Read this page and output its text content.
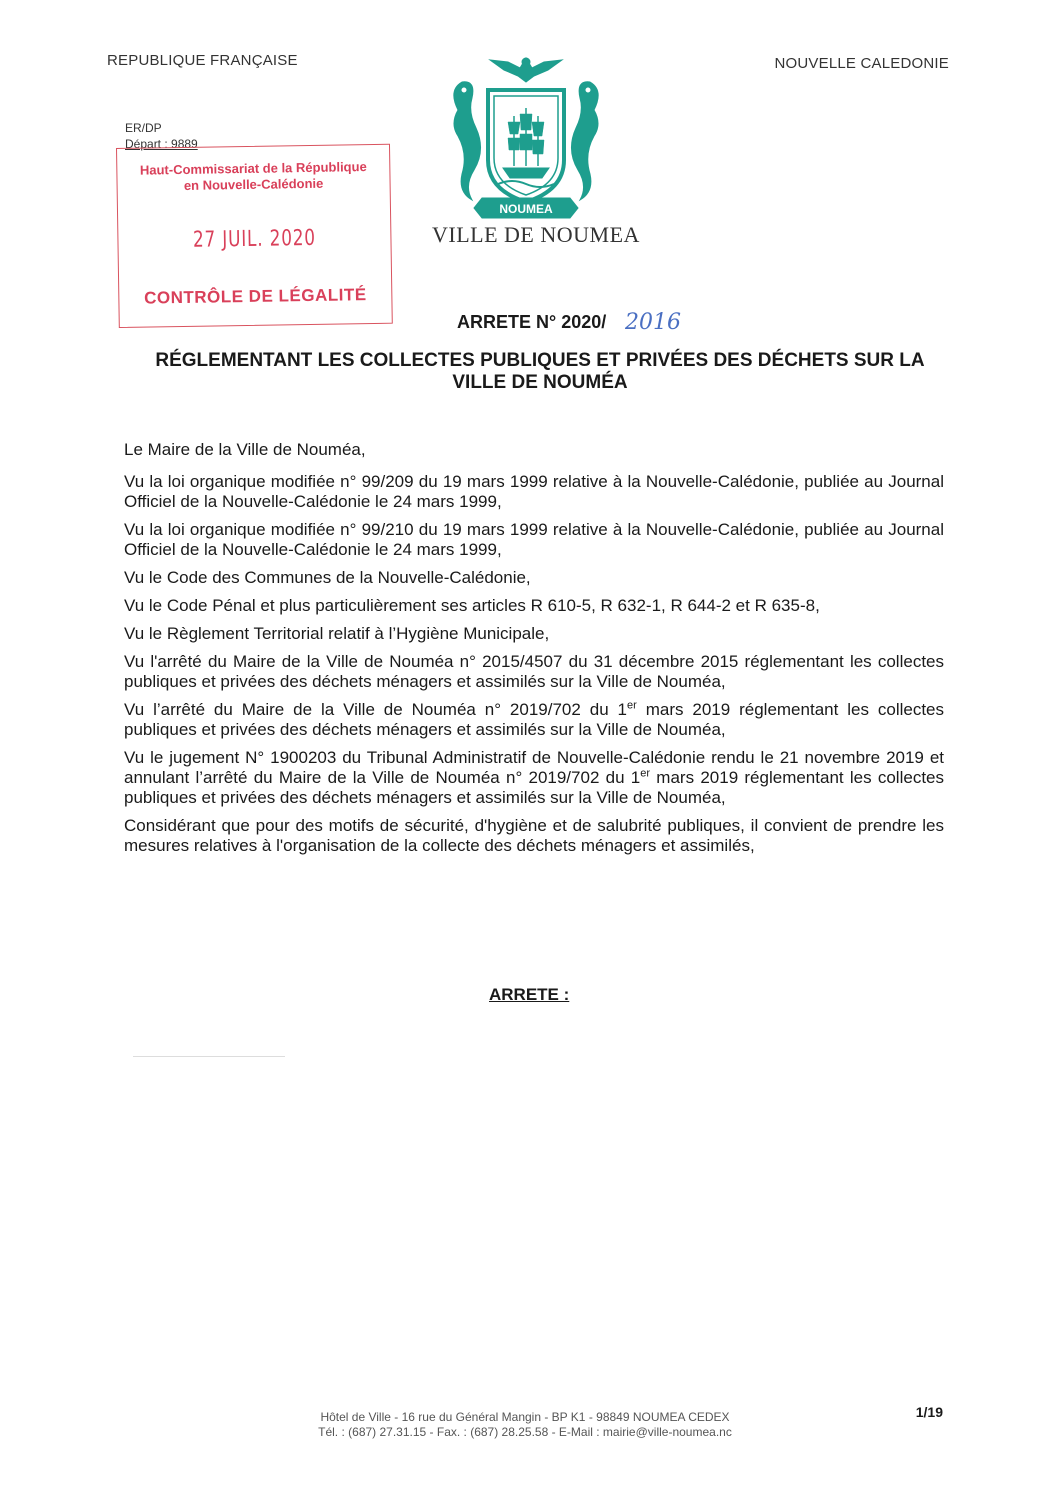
REPUBLIQUE FRANÇAISE	NOUVELLE CALEDONIE
ER/DP
Départ : 9889
Haut-Commissariat de la République
en Nouvelle-Calédonie
27 JUIL. 2020
CONTRÔLE DE LÉGALITÉ
NOUMEA
VILLE DE NOUMEA
ARRETE N° 2020/ 2016
RÉGLEMENTANT LES COLLECTES PUBLIQUES ET PRIVÉES DES DÉCHETS SUR LA
VILLE DE NOUMÉA

Le Maire de la Ville de Nouméa,

Vu la loi organique modifiée n° 99/209 du 19 mars 1999 relative à la Nouvelle-Calédonie, publiée au Journal Officiel de la Nouvelle-Calédonie le 24 mars 1999,

Vu la loi organique modifiée n° 99/210 du 19 mars 1999 relative à la Nouvelle-Calédonie, publiée au Journal Officiel de la Nouvelle-Calédonie le 24 mars 1999,

Vu le Code des Communes de la Nouvelle-Calédonie,

Vu le Code Pénal et plus particulièrement ses articles R 610-5, R 632-1, R 644-2 et R 635-8,

Vu le Règlement Territorial relatif à l’Hygiène Municipale,

Vu l'arrêté du Maire de la Ville de Nouméa n° 2015/4507 du 31 décembre 2015 réglementant les collectes publiques et privées des déchets ménagers et assimilés sur la Ville de Nouméa,

Vu l’arrêté du Maire de la Ville de Nouméa n° 2019/702 du 1er mars 2019 réglementant les collectes publiques et privées des déchets ménagers et assimilés sur la Ville de Nouméa,

Vu le jugement N° 1900203 du Tribunal Administratif de Nouvelle-Calédonie rendu le 21 novembre 2019 et annulant l’arrêté du Maire de la Ville de Nouméa n° 2019/702 du 1er mars 2019 réglementant les collectes publiques et privées des déchets ménagers et assimilés sur la Ville de Nouméa,

Considérant que pour des motifs de sécurité, d'hygiène et de salubrité publiques, il convient de prendre les mesures relatives à l'organisation de la collecte des déchets ménagers et assimilés,

ARRETE :
Hôtel de Ville - 16 rue du Général Mangin - BP K1 - 98849 NOUMEA CEDEX
Tél. : (687) 27.31.15 - Fax. : (687) 28.25.58 - E-Mail : mairie@ville-noumea.nc
1/19
